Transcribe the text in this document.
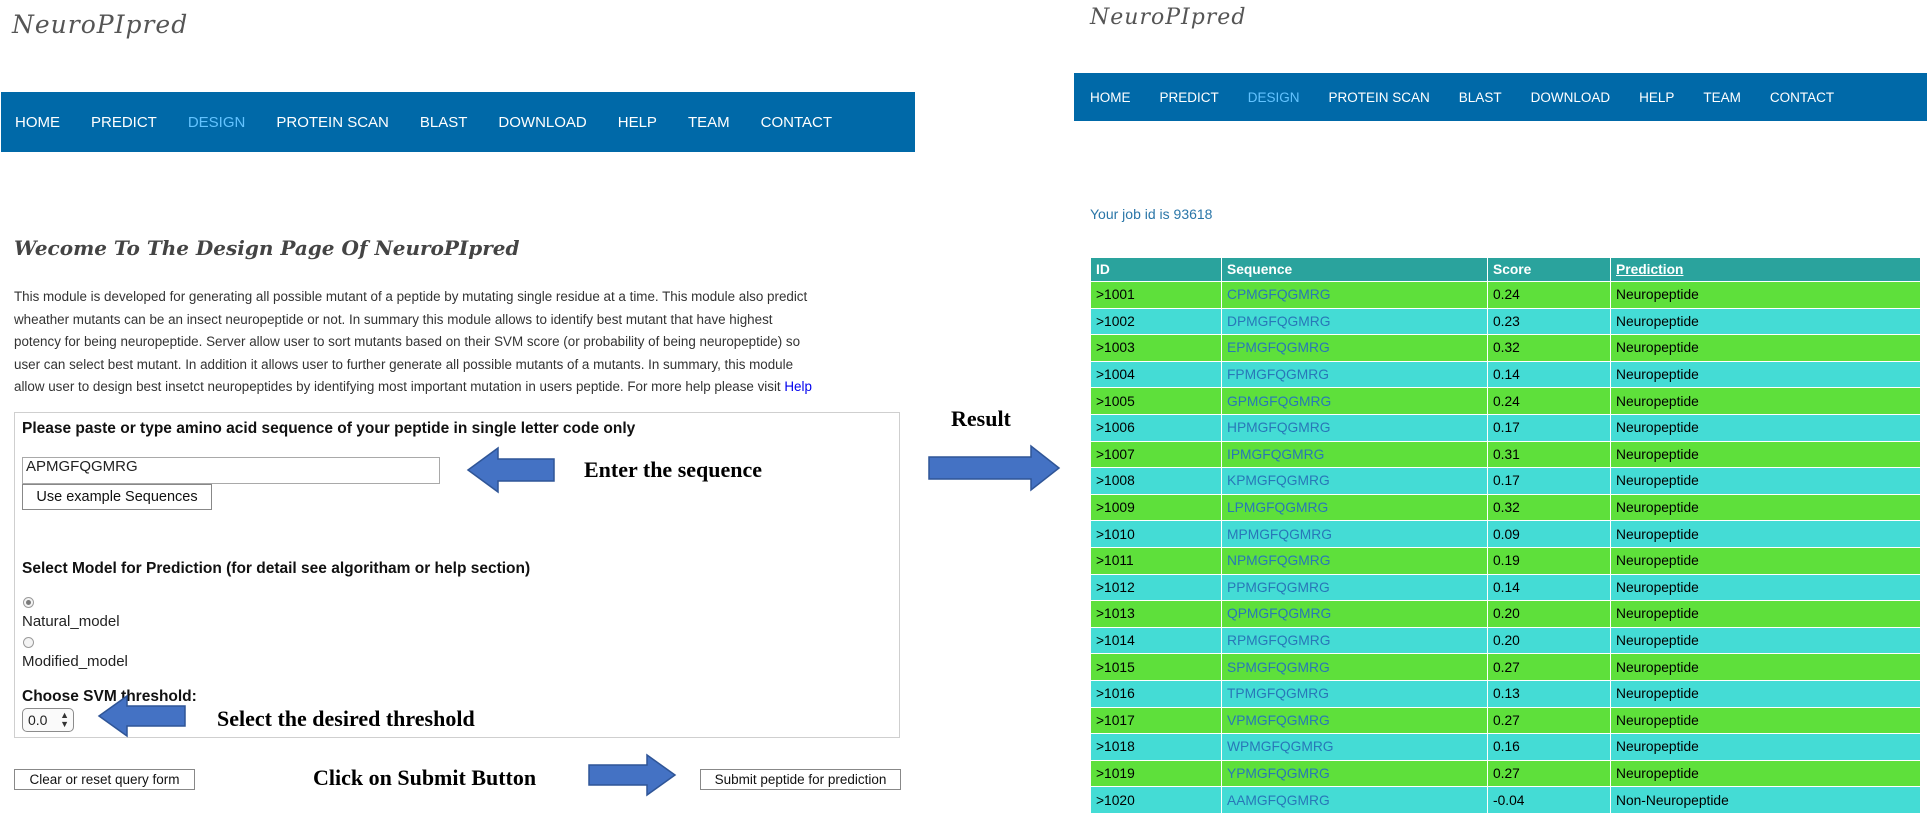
NeuroPIpred
HOME PREDICT DESIGN PROTEIN SCAN BLAST DOWNLOAD HELP TEAM CONTACT
Wecome To The Design Page Of NeuroPIpred
This module is developed for generating all possible mutant of a peptide by mutating single residue at a time. This module also predict
wheather mutants can be an insect neuropeptide or not. In summary this module allows to identify best mutant that have highest
potency for being neuropeptide. Server allow user to sort mutants based on their SVM score (or probability of being neuropeptide) so
user can select best mutant. In addition it allows user to further generate all possible mutants of a mutants. In summary, this module
allow user to design best insetct neuropeptides by identifying most important mutation in users peptide. For more help please visit Help
Please paste or type amino acid sequence of your peptide in single letter code only
APMGFQGMRG
Use example Sequences
Select Model for Prediction (for detail see algoritham or help section)
Natural_model
Modified_model
Choose SVM threshold:
0.0 ▲
▼
Clear or reset query form	Submit peptide for prediction
Enter the sequence
Select the desired threshold
Click on Submit Button
Result
NeuroPIpred
HOME PREDICT DESIGN PROTEIN SCAN BLAST DOWNLOAD HELP TEAM CONTACT
Your job id is 93618
ID	Sequence	Score	Prediction
>1001	CPMGFQGMRG	0.24	Neuropeptide
>1002	DPMGFQGMRG	0.23	Neuropeptide
>1003	EPMGFQGMRG	0.32	Neuropeptide
>1004	FPMGFQGMRG	0.14	Neuropeptide
>1005	GPMGFQGMRG	0.24	Neuropeptide
>1006	HPMGFQGMRG	0.17	Neuropeptide
>1007	IPMGFQGMRG	0.31	Neuropeptide
>1008	KPMGFQGMRG	0.17	Neuropeptide
>1009	LPMGFQGMRG	0.32	Neuropeptide
>1010	MPMGFQGMRG	0.09	Neuropeptide
>1011	NPMGFQGMRG	0.19	Neuropeptide
>1012	PPMGFQGMRG	0.14	Neuropeptide
>1013	QPMGFQGMRG	0.20	Neuropeptide
>1014	RPMGFQGMRG	0.20	Neuropeptide
>1015	SPMGFQGMRG	0.27	Neuropeptide
>1016	TPMGFQGMRG	0.13	Neuropeptide
>1017	VPMGFQGMRG	0.27	Neuropeptide
>1018	WPMGFQGMRG	0.16	Neuropeptide
>1019	YPMGFQGMRG	0.27	Neuropeptide
>1020	AAMGFQGMRG	-0.04	Non-Neuropeptide
